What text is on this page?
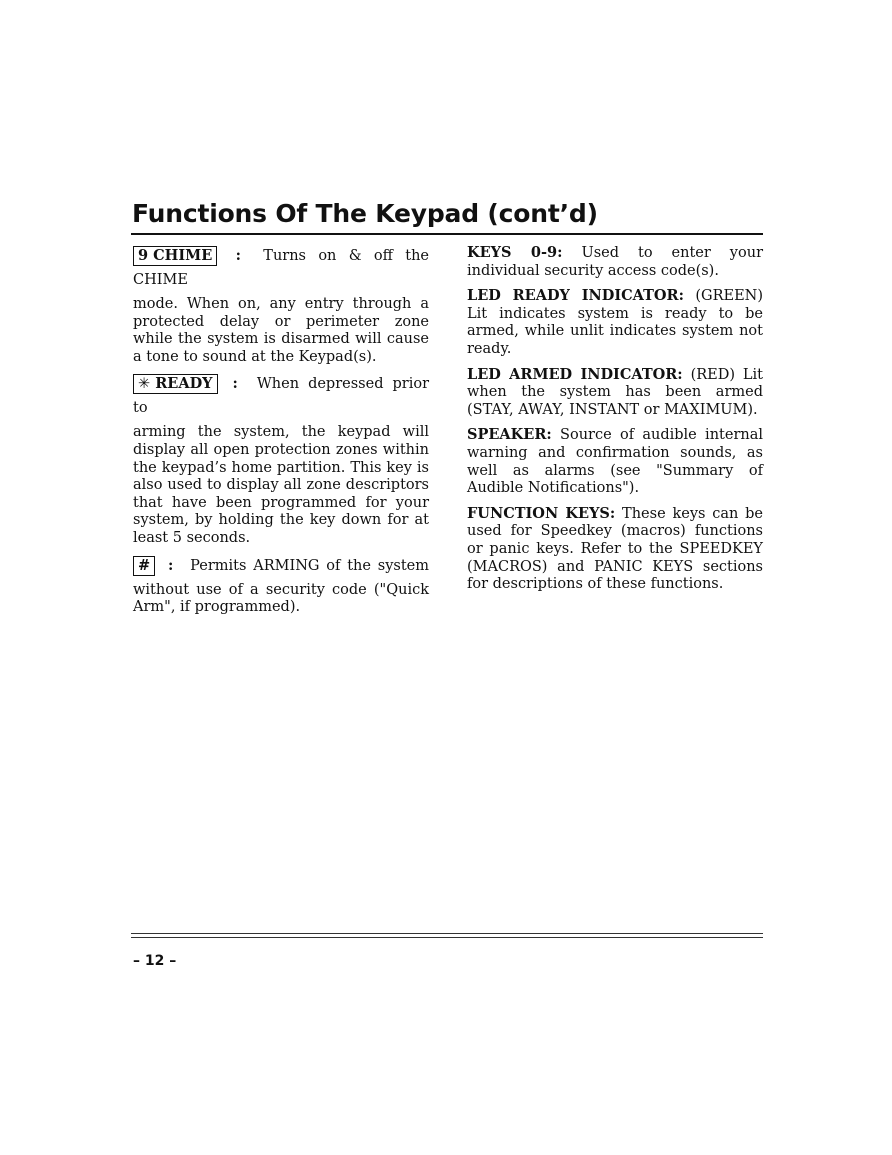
Functions Of The Keypad (cont’d)
9 CHIME : Turns on & off the CHIME
mode. When on, any entry through a protected delay or perimeter zone while the system is disarmed will cause a tone to sound at the Keypad(s).
✳ READY : When depressed prior to
arming the system, the keypad will display all open protection zones within the keypad’s home partition. This key is also used to display all zone descriptors that have been programmed for your system, by holding the key down for at least 5 seconds.
# : Permits ARMING of the system
without use of a security code ("Quick Arm", if programmed).

KEYS 0-9: Used to enter your individual security access code(s).

LED READY INDICATOR: (GREEN) Lit indicates system is ready to be armed, while unlit indicates system not ready.

LED ARMED INDICATOR: (RED) Lit when the system has been armed (STAY, AWAY, INSTANT or MAXIMUM).

SPEAKER: Source of audible internal warning and confirmation sounds, as well as alarms (see "Summary of Audible Notifications").

FUNCTION KEYS: These keys can be used for Speedkey (macros) functions or panic keys. Refer to the SPEEDKEY (MACROS) and PANIC KEYS sections for descriptions of these functions.

– 12 –
